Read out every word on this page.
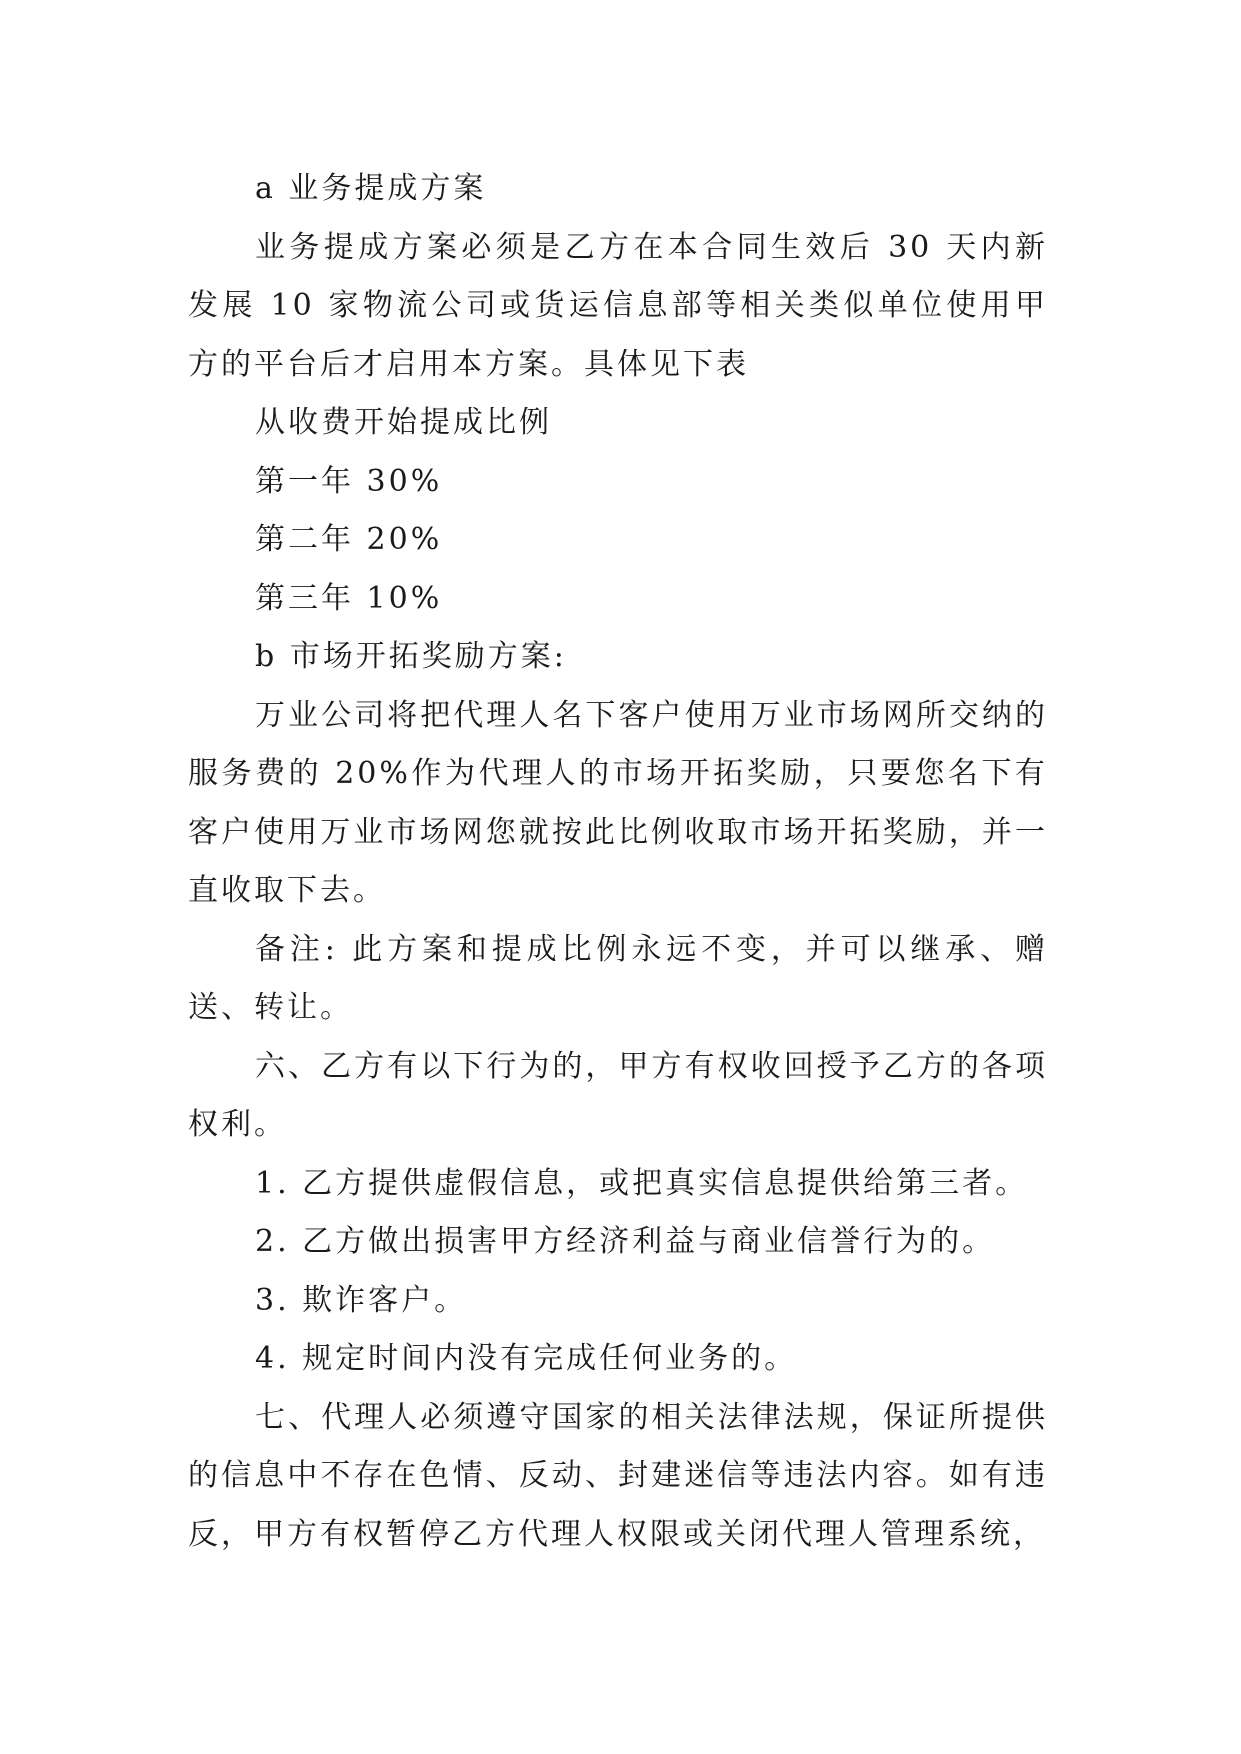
a 业务提成方案

业务提成方案必须是乙方在本合同生效后 30 天内新发展 10 家物流公司或货运信息部等相关类似单位使用甲方的平台后才启用本方案。具体见下表

从收费开始提成比例

第一年 30%

第二年 20%

第三年 10%

b 市场开拓奖励方案:

万业公司将把代理人名下客户使用万业市场网所交纳的服务费的 20%作为代理人的市场开拓奖励，只要您名下有客户使用万业市场网您就按此比例收取市场开拓奖励，并一直收取下去。

备注: 此方案和提成比例永远不变，并可以继承、赠送、转让。

六、乙方有以下行为的，甲方有权收回授予乙方的各项权利。

1. 乙方提供虚假信息，或把真实信息提供给第三者。

2. 乙方做出损害甲方经济利益与商业信誉行为的。

3. 欺诈客户。

4. 规定时间内没有完成任何业务的。

七、代理人必须遵守国家的相关法律法规，保证所提供的信息中不存在色情、反动、封建迷信等违法内容。如有违反，甲方有权暂停乙方代理人权限或关闭代理人管理系统，
